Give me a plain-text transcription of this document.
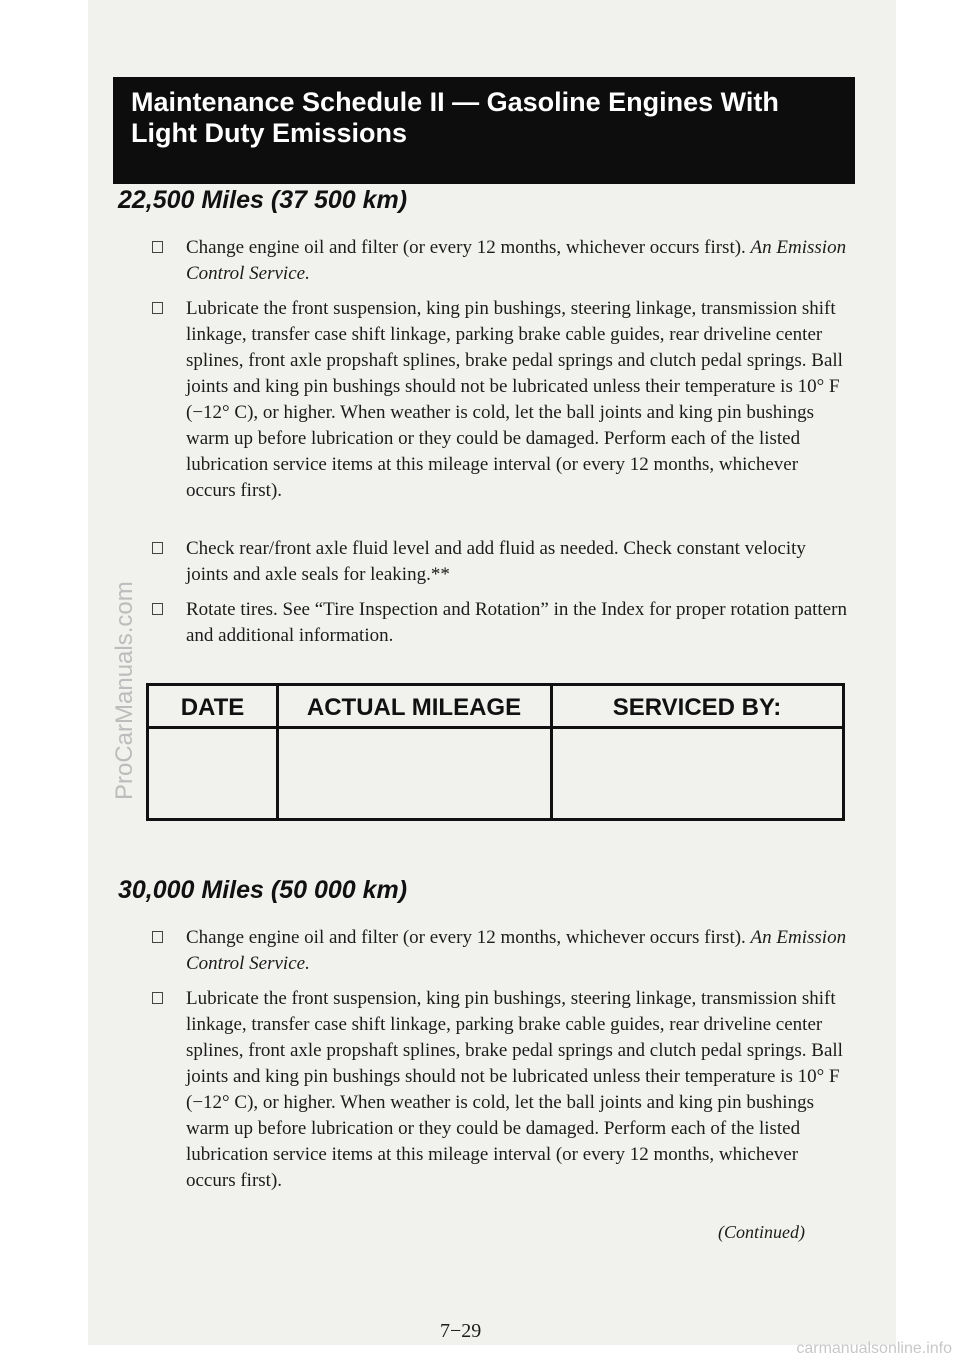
Maintenance Schedule II — Gasoline Engines With
Light Duty Emissions
22,500 Miles (37 500 km)
Change engine oil and filter (or every 12 months, whichever occurs first). An Emission Control Service.
Lubricate the front suspension, king pin bushings, steering linkage, transmission shift linkage, transfer case shift linkage, parking brake cable guides, rear driveline center splines, front axle propshaft splines, brake pedal springs and clutch pedal springs. Ball joints and king pin bushings should not be lubricated unless their temperature is 10° F (−12° C), or higher. When weather is cold, let the ball joints and king pin bushings warm up before lubrication or they could be damaged. Perform each of the listed lubrication service items at this mileage interval (or every 12 months, whichever occurs first).
Check rear/front axle fluid level and add fluid as needed. Check constant velocity joints and axle seals for leaking.**
Rotate tires. See “Tire Inspection and Rotation” in the Index for proper rotation pattern and additional information.
DATE	ACTUAL MILEAGE	SERVICED BY:
30,000 Miles (50 000 km)
Change engine oil and filter (or every 12 months, whichever occurs first). An Emission Control Service.
Lubricate the front suspension, king pin bushings, steering linkage, transmission shift linkage, transfer case shift linkage, parking brake cable guides, rear driveline center splines, front axle propshaft splines, brake pedal springs and clutch pedal springs. Ball joints and king pin bushings should not be lubricated unless their temperature is 10° F (−12° C), or higher. When weather is cold, let the ball joints and king pin bushings warm up before lubrication or they could be damaged. Perform each of the listed lubrication service items at this mileage interval (or every 12 months, whichever occurs first).
(Continued)
7−29
ProCarManuals.com
carmanualsonline.info
